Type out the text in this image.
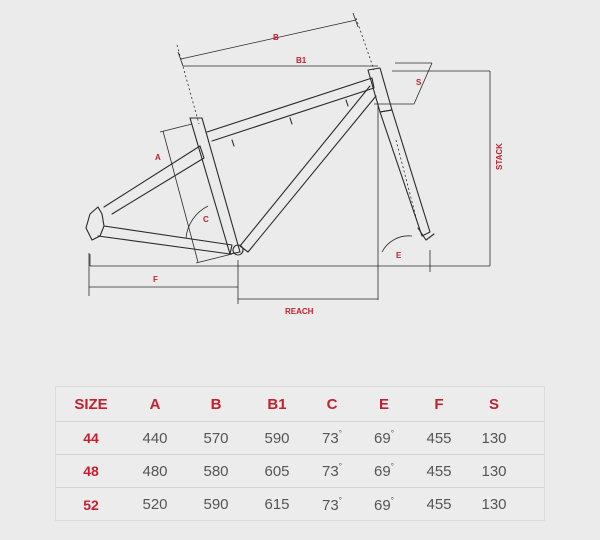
B
B1
STACK
S
A
C
E
F
REACH
SIZE	A	B	B1	C	E	F	S
44	440	570	590	73°	69°	455	130
48	480	580	605	73°	69°	455	130
52	520	590	615	73°	69°	455	130
